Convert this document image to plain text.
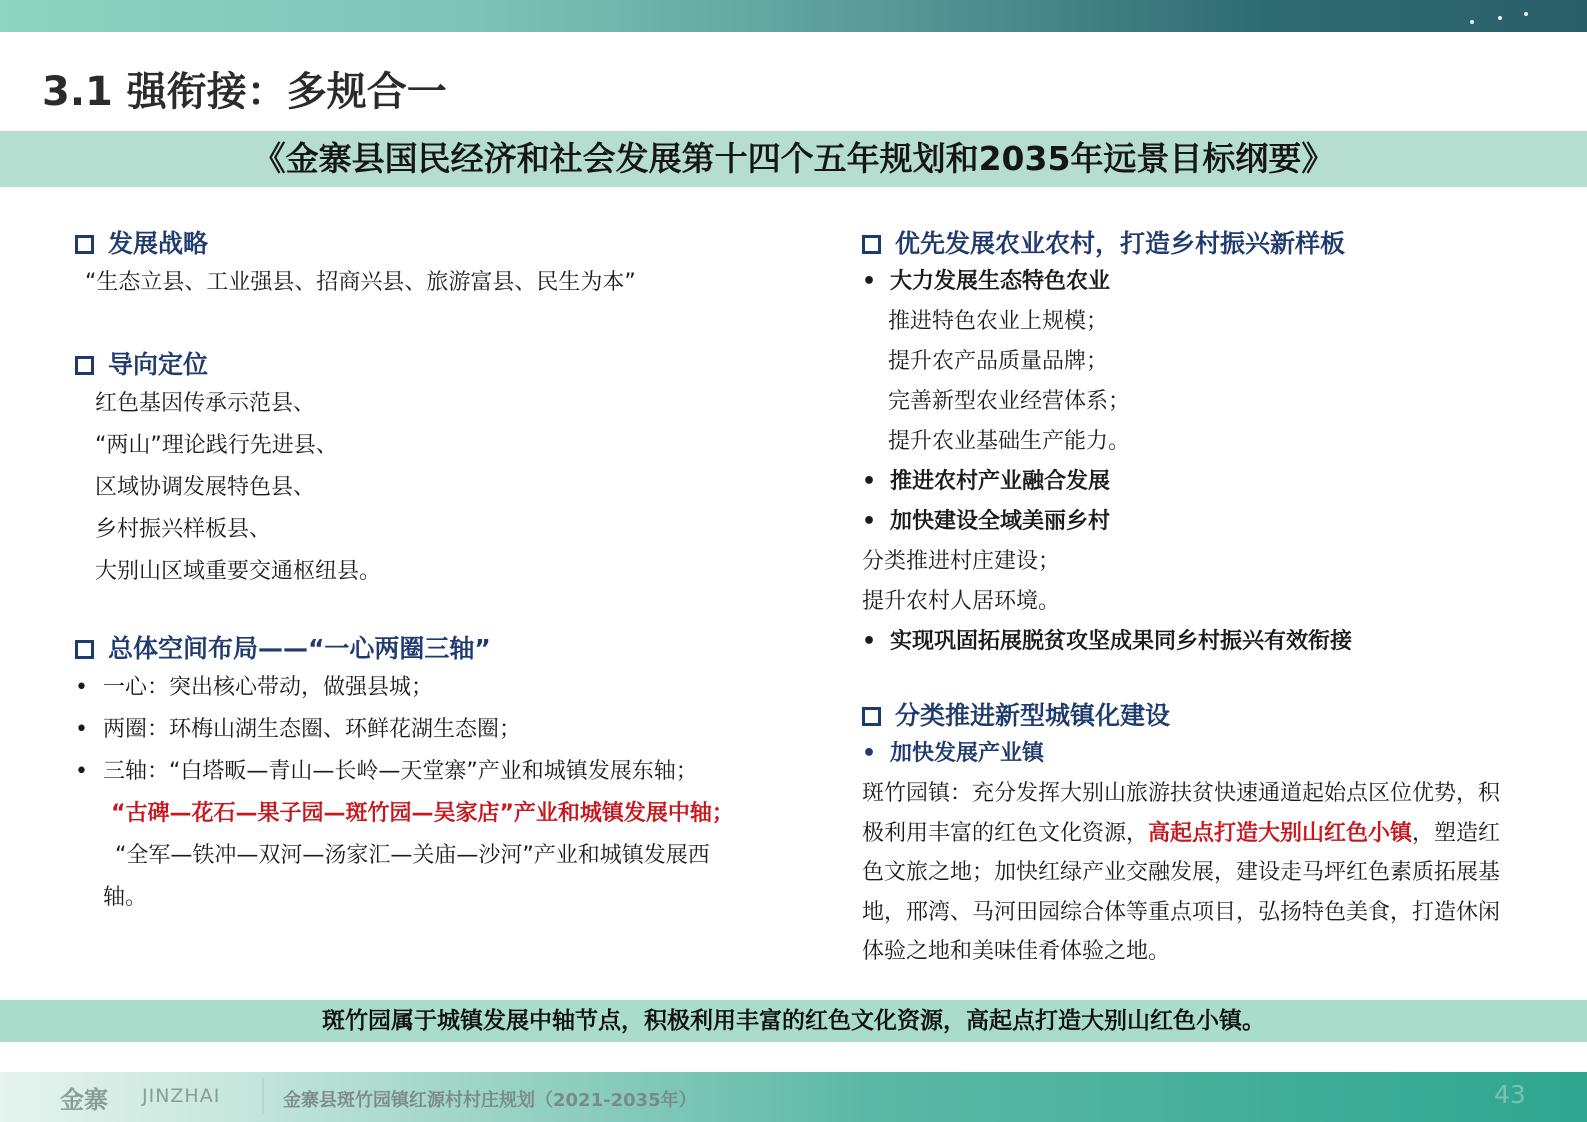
3.1 强衔接：多规合一
《金寨县国民经济和社会发展第十四个五年规划和2035年远景目标纲要》
发展战略
“生态立县、工业强县、招商兴县、旅游富县、民生为本”
导向定位
红色基因传承示范县、
“两山”理论践行先进县、
区域协调发展特色县、
乡村振兴样板县、
大别山区域重要交通枢纽县。
总体空间布局——“一心两圈三轴”
• 一心：突出核心带动，做强县城；
• 两圈：环梅山湖生态圈、环鲜花湖生态圈；
• 三轴：“白塔畈—青山—长岭—天堂寨”产业和城镇发展东轴；
“古碑—花石—果子园—斑竹园—吴家店”产业和城镇发展中轴；
“全军—铁冲—双河—汤家汇—关庙—沙河”产业和城镇发展西
轴。
优先发展农业农村，打造乡村振兴新样板
• 大力发展生态特色农业
推进特色农业上规模；
提升农产品质量品牌；
完善新型农业经营体系；
提升农业基础生产能力。
• 推进农村产业融合发展
• 加快建设全域美丽乡村
分类推进村庄建设；
提升农村人居环境。
• 实现巩固拓展脱贫攻坚成果同乡村振兴有效衔接
分类推进新型城镇化建设
• 加快发展产业镇
斑竹园镇：充分发挥大别山旅游扶贫快速通道起始点区位优势，积极利用丰富的红色文化资源，高起点打造大别山红色小镇，塑造红色文旅之地；加快红绿产业交融发展，建设走马坪红色素质拓展基地，邢湾、马河田园综合体等重点项目，弘扬特色美食，打造休闲体验之地和美味佳肴体验之地。
斑竹园属于城镇发展中轴节点，积极利用丰富的红色文化资源，高起点打造大别山红色小镇。
金寨 JINZHAI	金寨县斑竹园镇红源村村庄规划（2021-2035年）	43
